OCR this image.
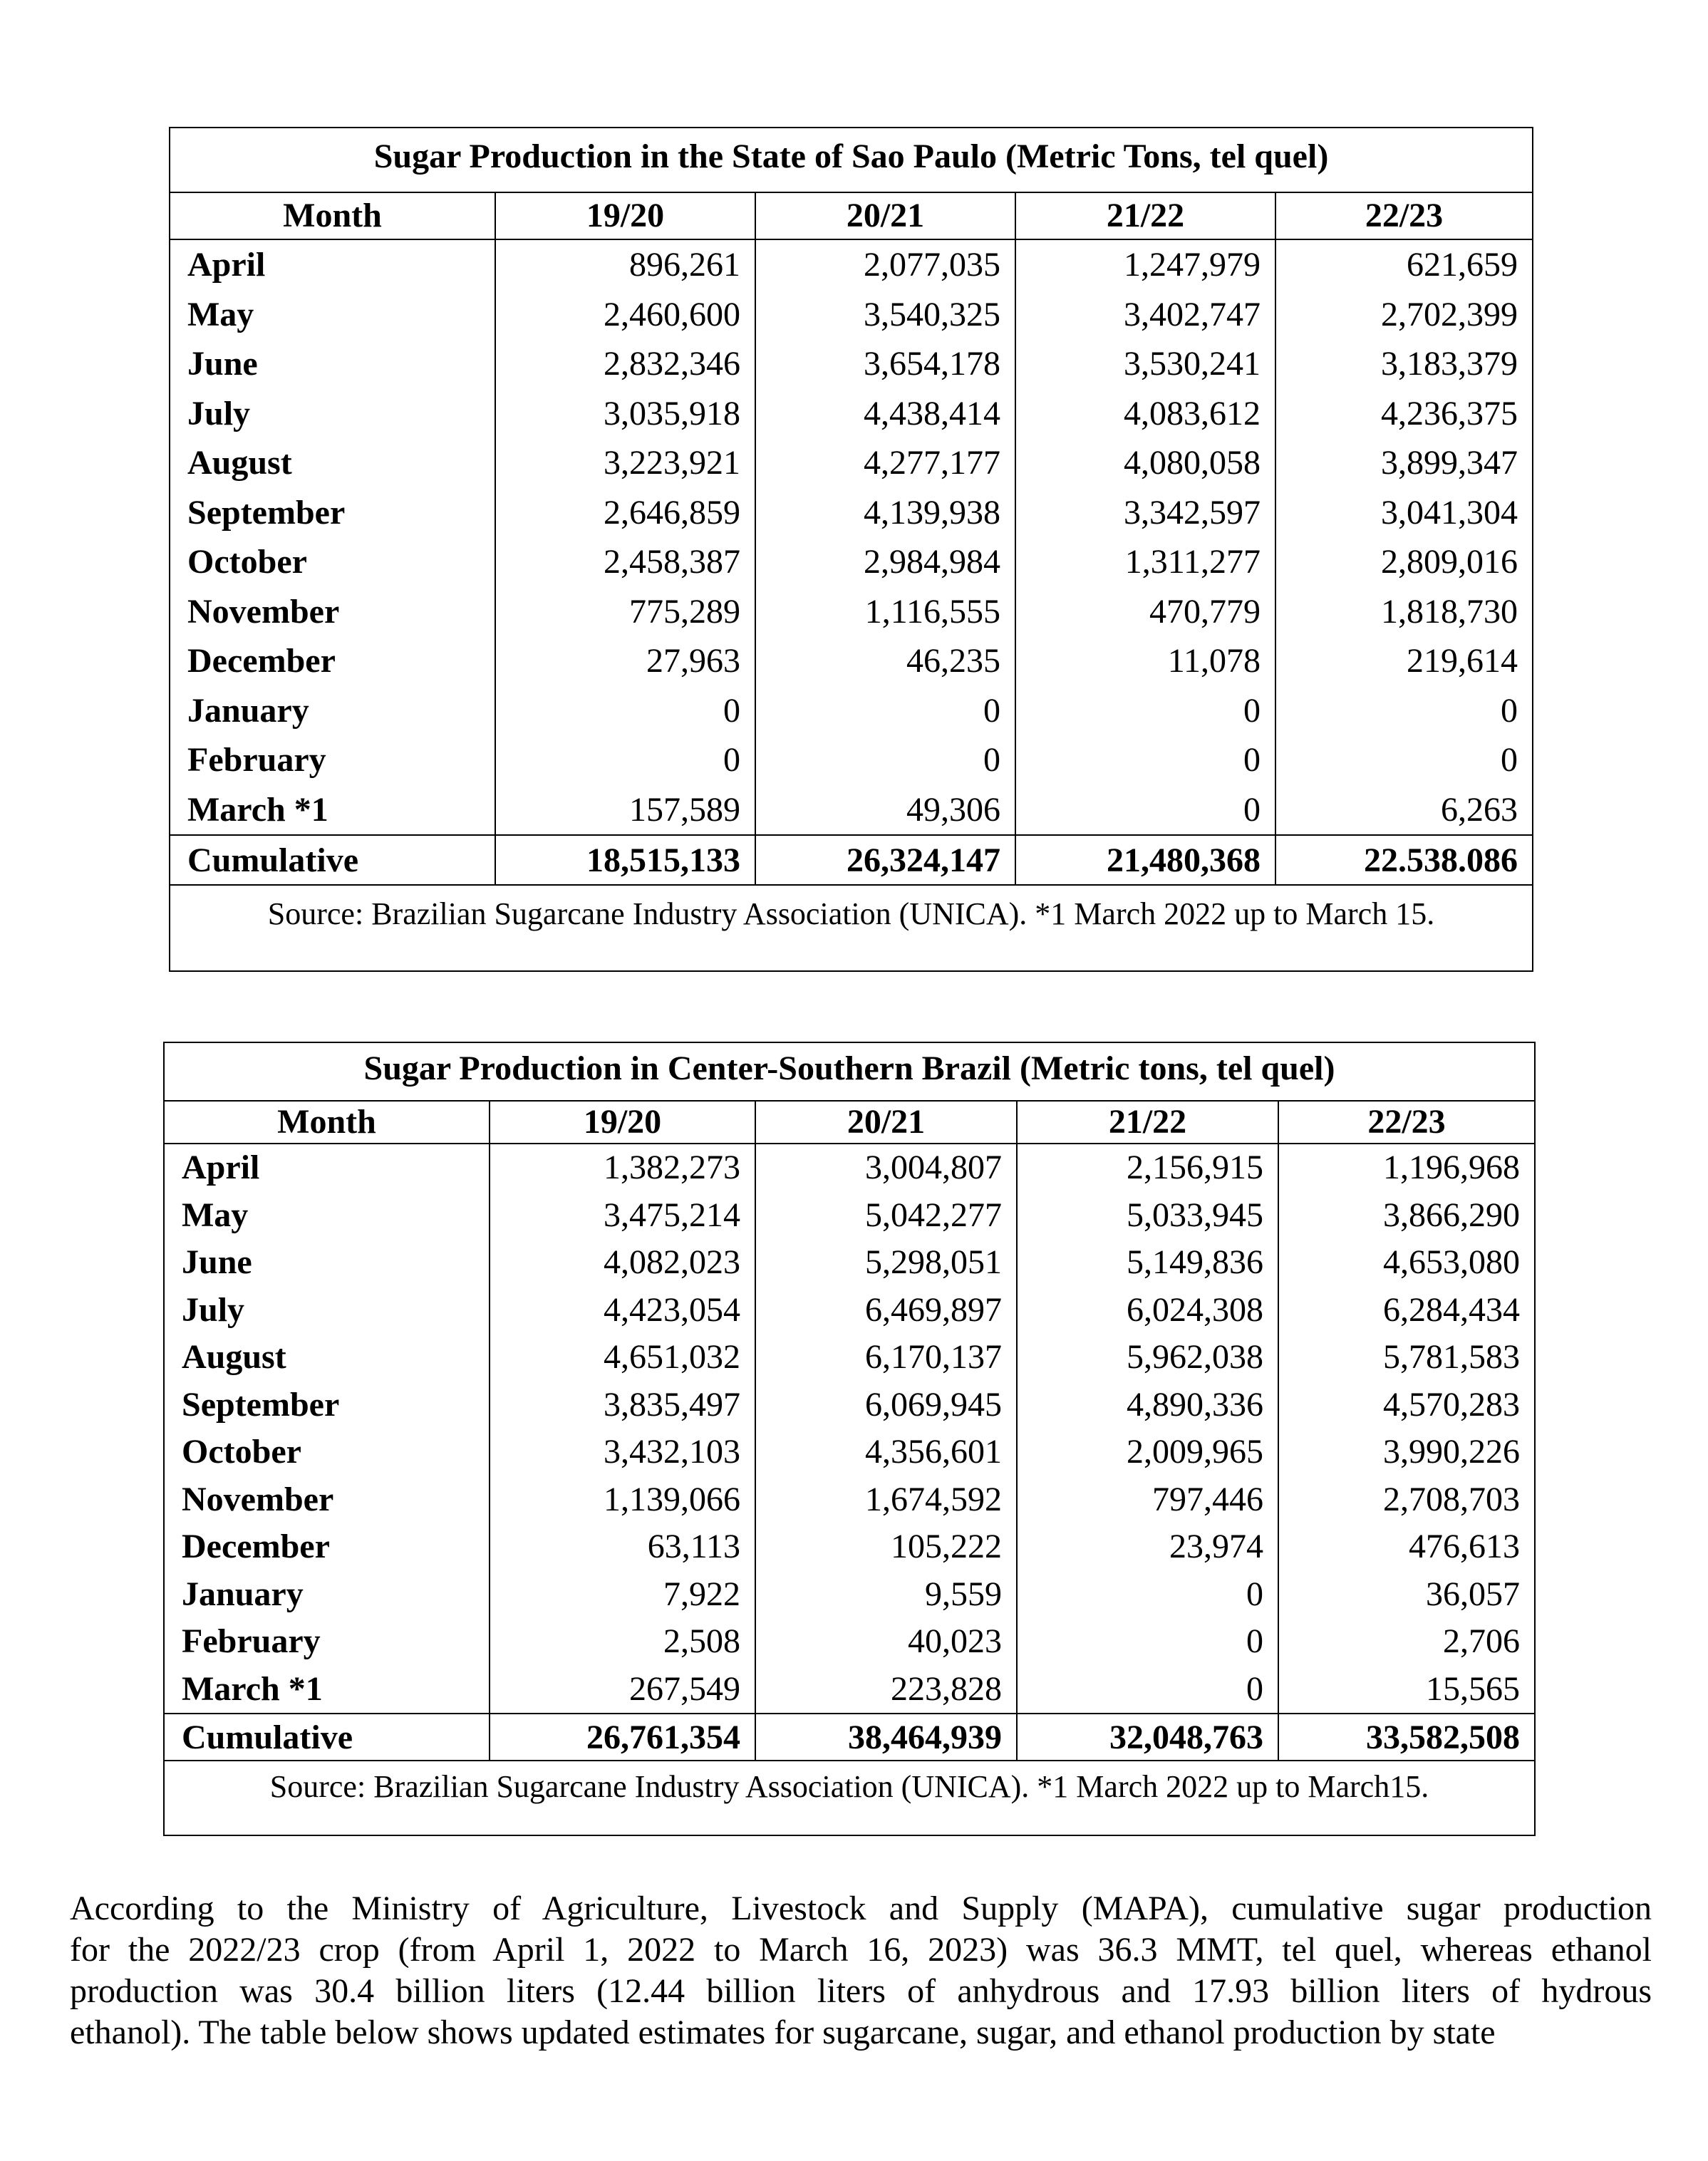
Sugar Production in the State of Sao Paulo (Metric Tons, tel quel)
Month	19/20	20/21	21/22	22/23
April	896,261	2,077,035	1,247,979	621,659
May	2,460,600	3,540,325	3,402,747	2,702,399
June	2,832,346	3,654,178	3,530,241	3,183,379
July	3,035,918	4,438,414	4,083,612	4,236,375
August	3,223,921	4,277,177	4,080,058	3,899,347
September	2,646,859	4,139,938	3,342,597	3,041,304
October	2,458,387	2,984,984	1,311,277	2,809,016
November	775,289	1,116,555	470,779	1,818,730
December	27,963	46,235	11,078	219,614
January	0	0	0	0
February	0	0	0	0
March *1	157,589	49,306	0	6,263
Cumulative	18,515,133	26,324,147	21,480,368	22.538.086
Source: Brazilian Sugarcane Industry Association (UNICA). *1 March 2022 up to March 15.
Sugar Production in Center-Southern Brazil (Metric tons, tel quel)
Month	19/20	20/21	21/22	22/23
April	1,382,273	3,004,807	2,156,915	1,196,968
May	3,475,214	5,042,277	5,033,945	3,866,290
June	4,082,023	5,298,051	5,149,836	4,653,080
July	4,423,054	6,469,897	6,024,308	6,284,434
August	4,651,032	6,170,137	5,962,038	5,781,583
September	3,835,497	6,069,945	4,890,336	4,570,283
October	3,432,103	4,356,601	2,009,965	3,990,226
November	1,139,066	1,674,592	797,446	2,708,703
December	63,113	105,222	23,974	476,613
January	7,922	9,559	0	36,057
February	2,508	40,023	0	2,706
March *1	267,549	223,828	0	15,565
Cumulative	26,761,354	38,464,939	32,048,763	33,582,508
Source: Brazilian Sugarcane Industry Association (UNICA). *1 March 2022 up to March15.
According to the Ministry of Agriculture, Livestock and Supply (MAPA), cumulative sugar production
for the 2022/23 crop (from April 1, 2022 to March 16, 2023) was 36.3 MMT, tel quel, whereas ethanol
production was 30.4 billion liters (12.44 billion liters of anhydrous and 17.93 billion liters of hydrous
ethanol). The table below shows updated estimates for sugarcane, sugar, and ethanol production by state
